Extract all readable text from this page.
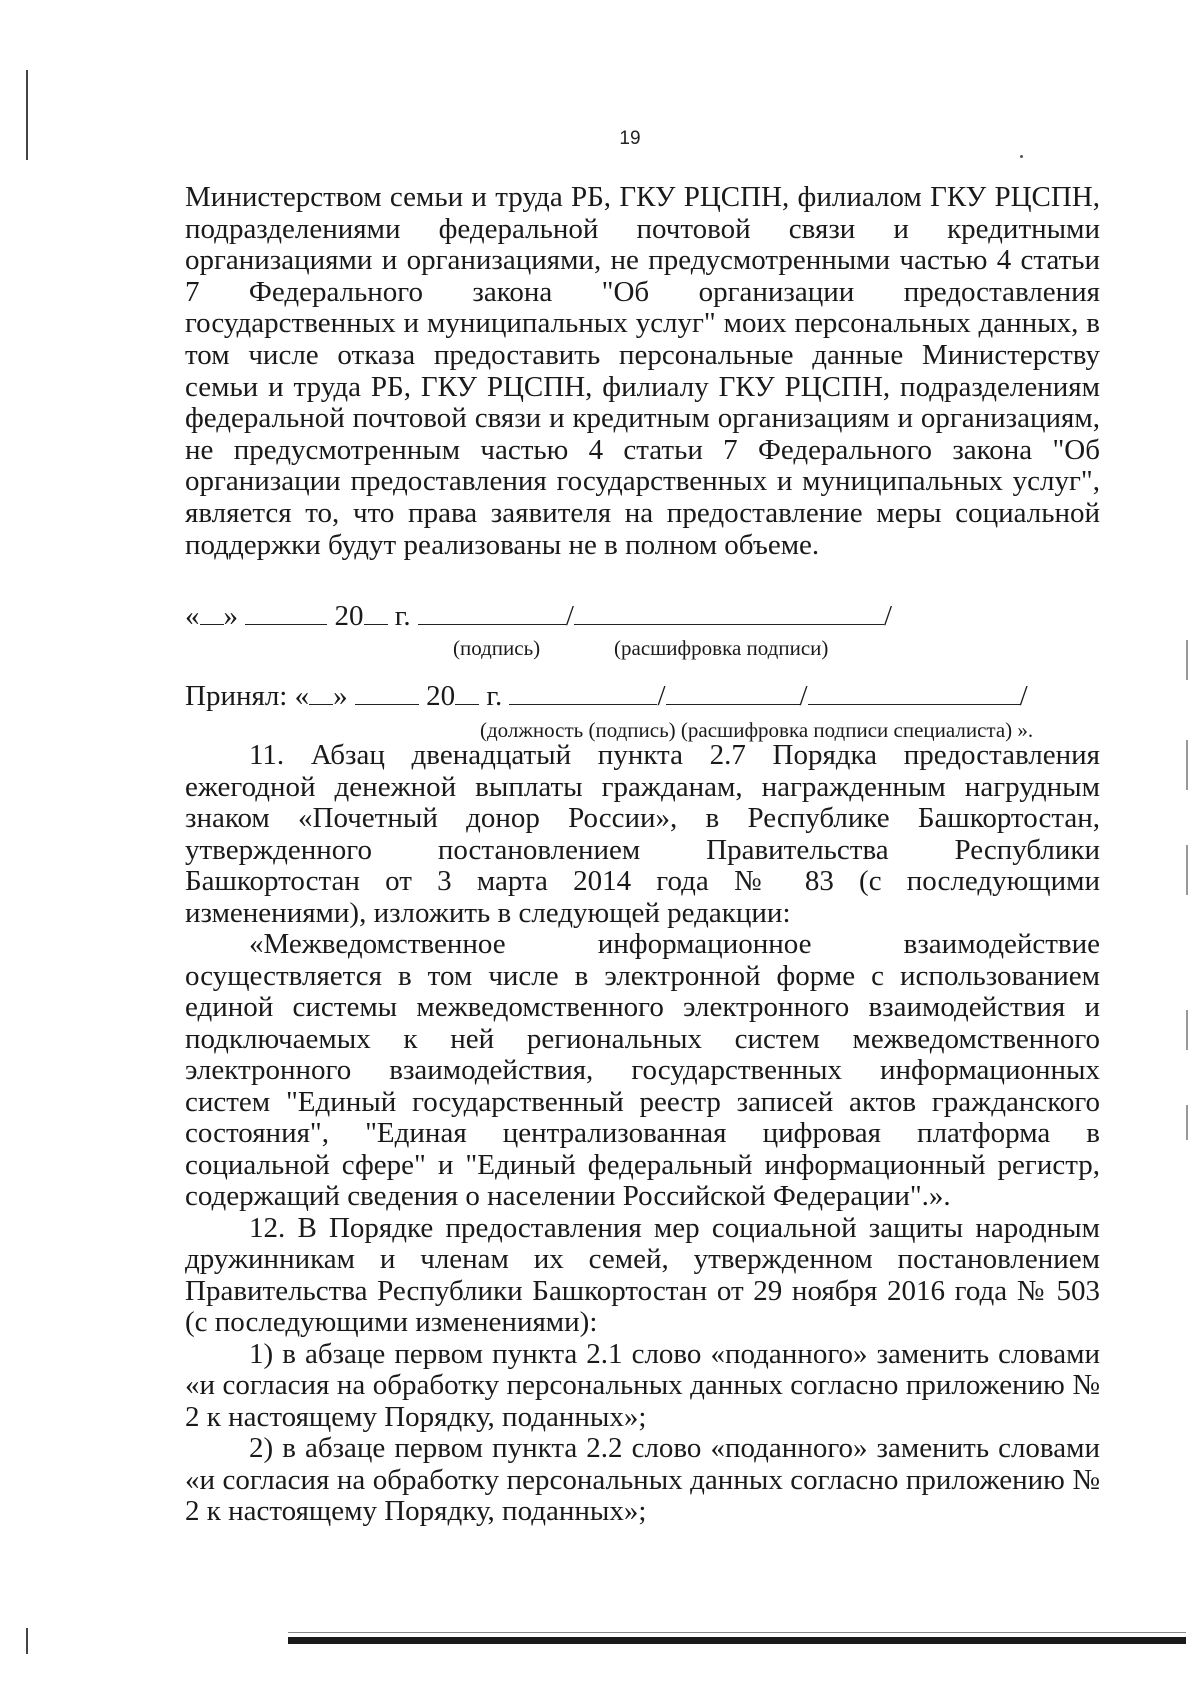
19

Министерством семьи и труда РБ, ГКУ РЦСПН, филиалом ГКУ РЦСПН, подразделениями федеральной почтовой связи и кредитными организациями и организациями, не предусмотренными частью 4 статьи 7 Федерального закона "Об организации предоставления государственных и муниципальных услуг" моих персональных данных, в том числе отказа предоставить персональные данные Министерству семьи и труда РБ, ГКУ РЦСПН, филиалу ГКУ РЦСПН, подразделениям федеральной почтовой связи и кредитным организациям и организациям, не предусмотренным частью 4 статьи 7 Федерального закона "Об организации предоставления государственных и муниципальных услуг", является то, что права заявителя на предоставление меры социальной поддержки будут реализованы не в полном объеме.

« »	20 г.	/	/
(подпись)	(расшифровка подписи)
Принял: « »	20 г.	/	/	/
(должность (подпись) (расшифровка подписи специалиста) ».

11. Абзац двенадцатый пункта 2.7 Порядка предоставления ежегодной денежной выплаты гражданам, награжденным нагрудным знаком «Почетный донор России», в Республике Башкортостан, утвержденного постановлением Правительства Республики Башкортостан от 3 марта 2014 года № 83 (с последующими изменениями), изложить в следующей редакции:

«Межведомственное информационное взаимодействие осуществляется в том числе в электронной форме с использованием единой системы межведомственного электронного взаимодействия и подключаемых к ней региональных систем межведомственного электронного взаимодействия, государственных информационных систем "Единый государственный реестр записей актов гражданского состояния", "Единая централизованная цифровая платформа в социальной сфере" и "Единый федеральный информационный регистр, содержащий сведения о населении Российской Федерации".».

12. В Порядке предоставления мер социальной защиты народным дружинникам и членам их семей, утвержденном постановлением Правительства Республики Башкортостан от 29 ноября 2016 года № 503 (с последующими изменениями):

1) в абзаце первом пункта 2.1 слово «поданного» заменить словами «и согласия на обработку персональных данных согласно приложению № 2 к настоящему Порядку, поданных»;

2) в абзаце первом пункта 2.2 слово «поданного» заменить словами «и согласия на обработку персональных данных согласно приложению № 2 к настоящему Порядку, поданных»;
